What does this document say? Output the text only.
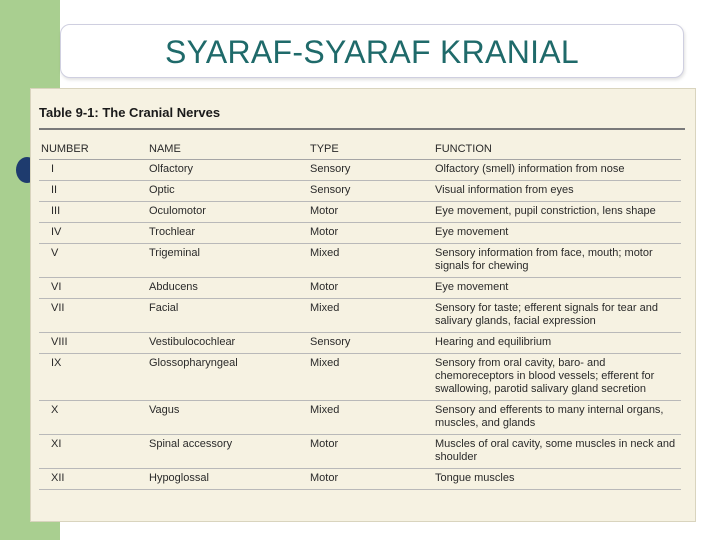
SYARAF-SYARAF KRANIAL
Table 9-1: The Cranial Nerves
NUMBER	NAME	TYPE	FUNCTION
I	Olfactory	Sensory	Olfactory (smell) information from nose
II	Optic	Sensory	Visual information from eyes
III	Oculomotor	Motor	Eye movement, pupil constriction, lens shape
IV	Trochlear	Motor	Eye movement
V	Trigeminal	Mixed	Sensory information from face, mouth; motor signals for chewing
VI	Abducens	Motor	Eye movement
VII	Facial	Mixed	Sensory for taste; efferent signals for tear and salivary glands, facial expression
VIII	Vestibulocochlear	Sensory	Hearing and equilibrium
IX	Glossopharyngeal	Mixed	Sensory from oral cavity, baro- and chemoreceptors in blood vessels; efferent for swallowing, parotid salivary gland secretion
X	Vagus	Mixed	Sensory and efferents to many internal organs, muscles, and glands
XI	Spinal accessory	Motor	Muscles of oral cavity, some muscles in neck and shoulder
XII	Hypoglossal	Motor	Tongue muscles
